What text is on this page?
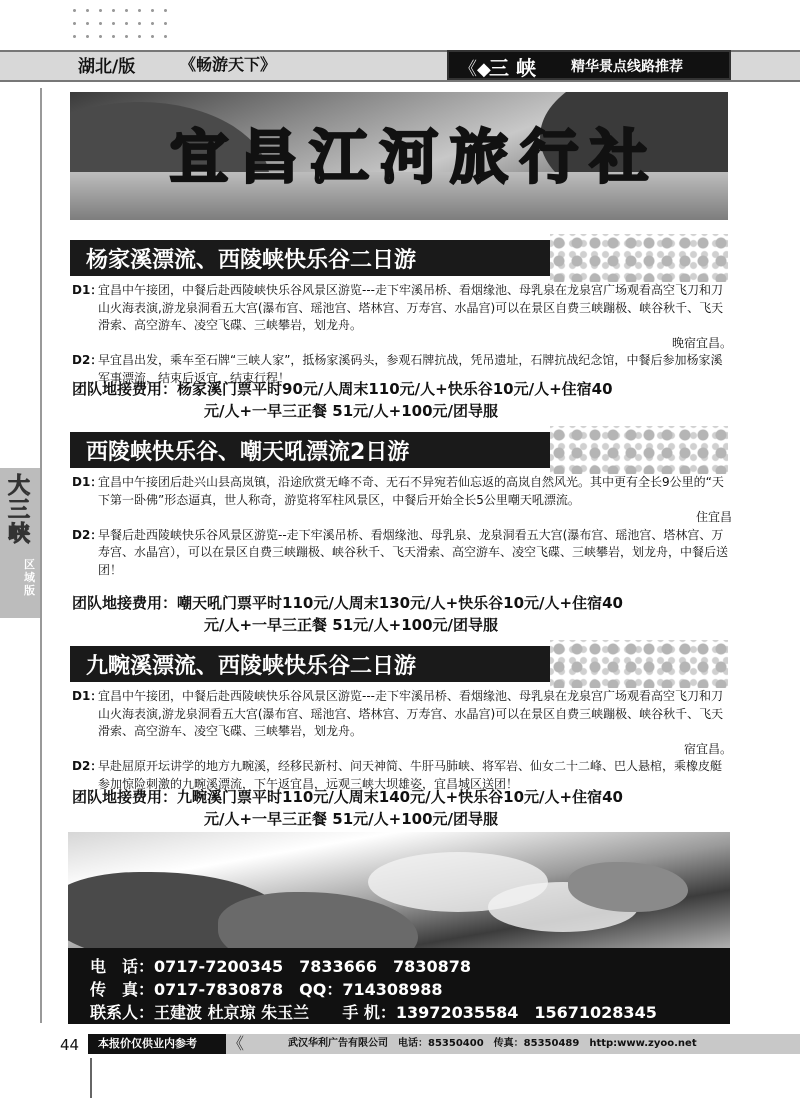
湖北/版	《畅游天下》	《◆
三 峡	精华景点线路推荐
大三峡
区域版
宜昌江河旅行社
杨家溪漂流、西陵峡快乐谷二日游
D1：
宜昌中午接团，中餐后赴西陵峡快乐谷风景区游览---走下牢溪吊桥、看烟缘池、母乳泉在龙泉宫广场观看高空飞刀和刀山火海表演,游龙泉洞看五大宫(瀑布宫、瑶池宫、塔林宫、万寿宫、水晶宫)可以在景区自费三峡蹦极、峡谷秋千、飞天滑索、高空游车、凌空飞碟、三峡攀岩，划龙舟。
晚宿宜昌。
D2：
早宜昌出发，乘车至石牌“三峡人家”，抵杨家溪码头，参观石牌抗战，凭吊遗址，石牌抗战纪念馆，中餐后参加杨家溪军事漂流，结束后返宜，结束行程！
团队地接费用：杨家溪门票平时90元/人周末110元/人+快乐谷10元/人+住宿40
元/人+一早三正餐 51元/人+100元/团导服
西陵峡快乐谷、嘲天吼漂流2日游
D1：
宜昌中午接团后赴兴山县高岚镇，沿途欣赏无峰不奇、无石不异宛若仙忘返的高岚自然风光。其中更有全长9公里的“天下第一卧佛”形态逼真，世人称奇，游览将军柱风景区，中餐后开始全长5公里嘲天吼漂流。
住宜昌
D2：
早餐后赴西陵峡快乐谷风景区游览--走下牢溪吊桥、看烟缘池、母乳泉、龙泉洞看五大宫(瀑布宫、瑶池宫、塔林宫、万寿宫、水晶宫），可以在景区自费三峡蹦极、峡谷秋千、飞天滑索、高空游车、凌空飞碟、三峡攀岩，划龙舟，中餐后送团！
团队地接费用：嘲天吼门票平时110元/人周末130元/人+快乐谷10元/人+住宿40
元/人+一早三正餐 51元/人+100元/团导服
九畹溪漂流、西陵峡快乐谷二日游
D1：
宜昌中午接团，中餐后赴西陵峡快乐谷风景区游览---走下牢溪吊桥、看烟缘池、母乳泉在龙泉宫广场观看高空飞刀和刀山火海表演,游龙泉洞看五大宫(瀑布宫、瑶池宫、塔林宫、万寿宫、水晶宫)可以在景区自费三峡蹦极、峡谷秋千、飞天滑索、高空游车、凌空飞碟、三峡攀岩，划龙舟。
宿宜昌。
D2：
早赴屈原开坛讲学的地方九畹溪，经移民新村、问天神简、牛肝马肺峡、将军岩、仙女二十二峰、巴人悬棺，乘橡皮艇参加惊险刺激的九畹溪漂流，下午返宜昌，远观三峡大坝雄姿，宜昌城区送团！
团队地接费用：九畹溪门票平时110元/人周末140元/人+快乐谷10元/人+住宿40
元/人+一早三正餐 51元/人+100元/团导服
电　话：0717-7200345　7833666　7830878
传　真：0717-7830878　QQ：714308988
联系人：王建波 杜京琼 朱玉兰 手 机：13972035584　15671028345
44	本报价仅供业内参考	《	武汉华利广告有限公司　电话：85350400　传真：85350489　http:www.zyoo.net
